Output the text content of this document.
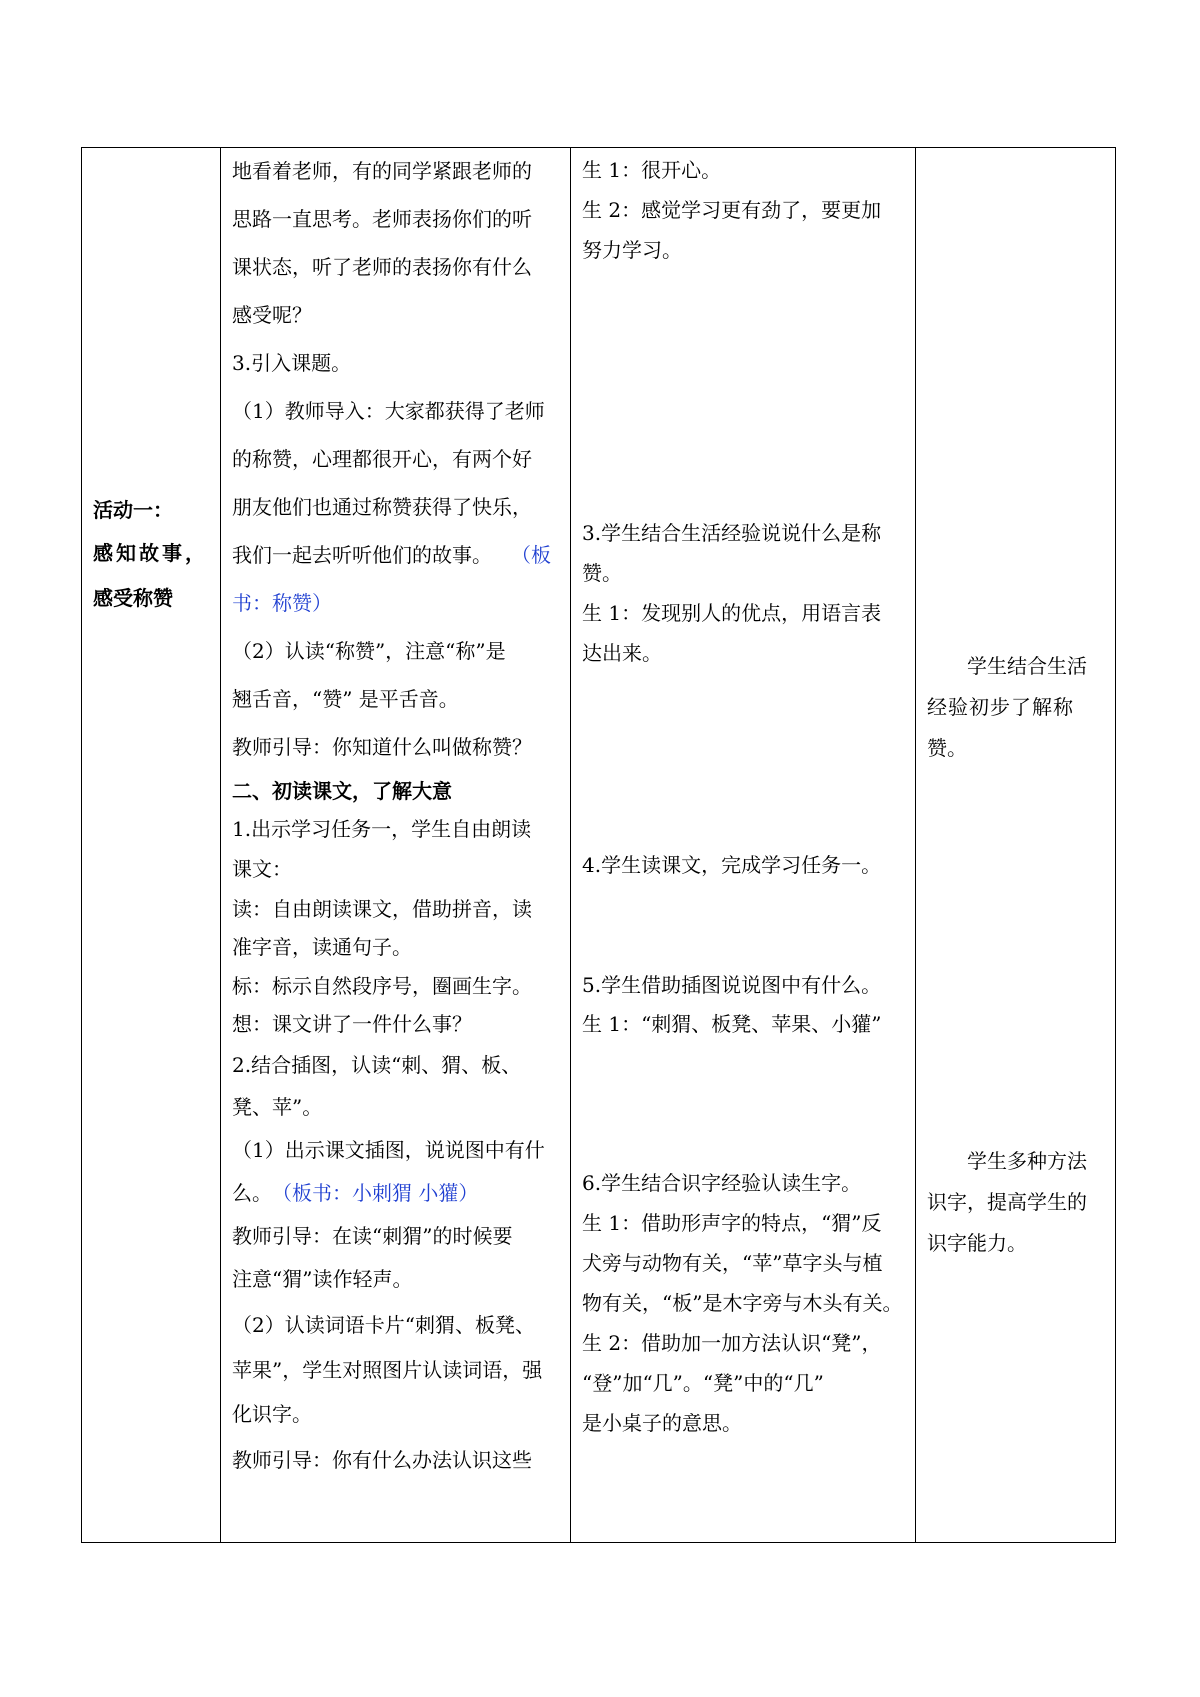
活动一：
感知故事，
感受称赞
地看着老师，有的同学紧跟老师的
思路一直思考。老师表扬你们的听
课状态，听了老师的表扬你有什么
感受呢？
3.引入课题。
（1）教师导入：大家都获得了老师
的称赞，心理都很开心，有两个好
朋友他们也通过称赞获得了快乐，
我们一起去听听他们的故事。 （板
书：称赞）
（2）认读“称赞”，注意“称”是
翘舌音，“赞” 是平舌音。
教师引导：你知道什么叫做称赞？
二、初读课文，了解大意
1.出示学习任务一，学生自由朗读
课文：
读：自由朗读课文，借助拼音，读
准字音，读通句子。
标：标示自然段序号，圈画生字。
想：课文讲了一件什么事？
2.结合插图，认读“刺、猬、板、
凳、苹”。
（1）出示课文插图，说说图中有什
么。 （板书：小刺猬 小獾）
教师引导：在读“刺猬”的时候要
注意“猬”读作轻声。
（2）认读词语卡片“刺猬、板凳、
苹果”，学生对照图片认读词语，强
化识字。
教师引导：你有什么办法认识这些
生 1：很开心。
生 2：感觉学习更有劲了，要更加
努力学习。
3.学生结合生活经验说说什么是称
赞。
生 1：发现别人的优点，用语言表
达出来。
4.学生读课文，完成学习任务一。
5.学生借助插图说说图中有什么。
生 1：“刺猬、板凳、苹果、小獾”
6.学生结合识字经验认读生字。
生 1：借助形声字的特点，“猬”反
犬旁与动物有关，“苹”草字头与植
物有关，“板”是木字旁与木头有关。
生 2：借助加一加方法认识“凳”，
“登”加“几”。“凳”中的“几”
是小桌子的意思。
学生结合生活
经验初步了解称
赞。
学生多种方法
识字，提高学生的
识字能力。
